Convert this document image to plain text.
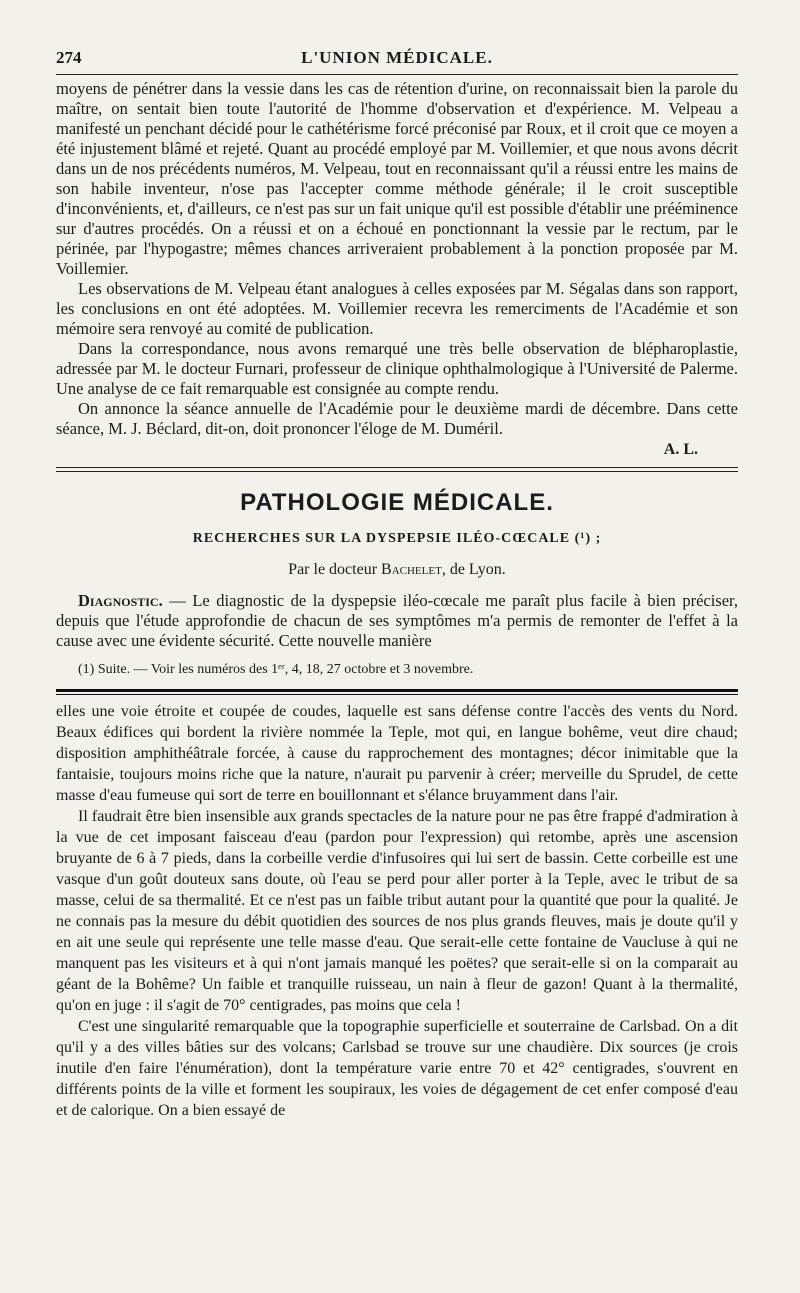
274	L'UNION MÉDICALE.

moyens de pénétrer dans la vessie dans les cas de rétention d'urine, on reconnaissait bien la parole du maître, on sentait bien toute l'autorité de l'homme d'observation et d'expérience. M. Velpeau a manifesté un penchant décidé pour le cathétérisme forcé préconisé par Roux, et il croit que ce moyen a été injustement blâmé et rejeté. Quant au procédé employé par M. Voillemier, et que nous avons décrit dans un de nos précédents numéros, M. Velpeau, tout en reconnaissant qu'il a réussi entre les mains de son habile inventeur, n'ose pas l'accepter comme méthode générale; il le croit susceptible d'inconvénients, et, d'ailleurs, ce n'est pas sur un fait unique qu'il est possible d'établir une prééminence sur d'autres procédés. On a réussi et on a échoué en ponctionnant la vessie par le rectum, par le périnée, par l'hypogastre; mêmes chances arriveraient probablement à la ponction proposée par M. Voillemier.

Les observations de M. Velpeau étant analogues à celles exposées par M. Ségalas dans son rapport, les conclusions en ont été adoptées. M. Voillemier recevra les remerciments de l'Académie et son mémoire sera renvoyé au comité de publication.

Dans la correspondance, nous avons remarqué une très belle observation de blépharoplastie, adressée par M. le docteur Furnari, professeur de clinique ophthalmologique à l'Université de Palerme. Une analyse de ce fait remarquable est consignée au compte rendu.

On annonce la séance annuelle de l'Académie pour le deuxième mardi de décembre. Dans cette séance, M. J. Béclard, dit-on, doit prononcer l'éloge de M. Duméril.

A. L.
PATHOLOGIE MÉDICALE.
RECHERCHES SUR LA DYSPEPSIE ILÉO-CŒCALE (¹) ;
Par le docteur Bachelet, de Lyon.

Diagnostic. — Le diagnostic de la dyspepsie iléo-cœcale me paraît plus facile à bien préciser, depuis que l'étude approfondie de chacun de ses symptômes m'a permis de remonter de l'effet à la cause avec une évidente sécurité. Cette nouvelle manière

(1) Suite. — Voir les numéros des 1ᵉʳ, 4, 18, 27 octobre et 3 novembre.

elles une voie étroite et coupée de coudes, laquelle est sans défense contre l'accès des vents du Nord. Beaux édifices qui bordent la rivière nommée la Teple, mot qui, en langue bohême, veut dire chaud; disposition amphithéâtrale forcée, à cause du rapprochement des montagnes; décor inimitable que la fantaisie, toujours moins riche que la nature, n'aurait pu parvenir à créer; merveille du Sprudel, de cette masse d'eau fumeuse qui sort de terre en bouillonnant et s'élance bruyamment dans l'air.

Il faudrait être bien insensible aux grands spectacles de la nature pour ne pas être frappé d'admiration à la vue de cet imposant faisceau d'eau (pardon pour l'expression) qui retombe, après une ascension bruyante de 6 à 7 pieds, dans la corbeille verdie d'infusoires qui lui sert de bassin. Cette corbeille est une vasque d'un goût douteux sans doute, où l'eau se perd pour aller porter à la Teple, avec le tribut de sa masse, celui de sa thermalité. Et ce n'est pas un faible tribut autant pour la quantité que pour la qualité. Je ne connais pas la mesure du débit quotidien des sources de nos plus grands fleuves, mais je doute qu'il y en ait une seule qui représente une telle masse d'eau. Que serait-elle cette fontaine de Vaucluse à qui ne manquent pas les visiteurs et à qui n'ont jamais manqué les poëtes? que serait-elle si on la comparait au géant de la Bohême? Un faible et tranquille ruisseau, un nain à fleur de gazon! Quant à la thermalité, qu'on en juge : il s'agit de 70° centigrades, pas moins que cela !

C'est une singularité remarquable que la topographie superficielle et souterraine de Carlsbad. On a dit qu'il y a des villes bâties sur des volcans; Carlsbad se trouve sur une chaudière. Dix sources (je crois inutile d'en faire l'énumération), dont la température varie entre 70 et 42° centigrades, s'ouvrent en différents points de la ville et forment les soupiraux, les voies de dégagement de cet enfer composé d'eau et de calorique. On a bien essayé de
